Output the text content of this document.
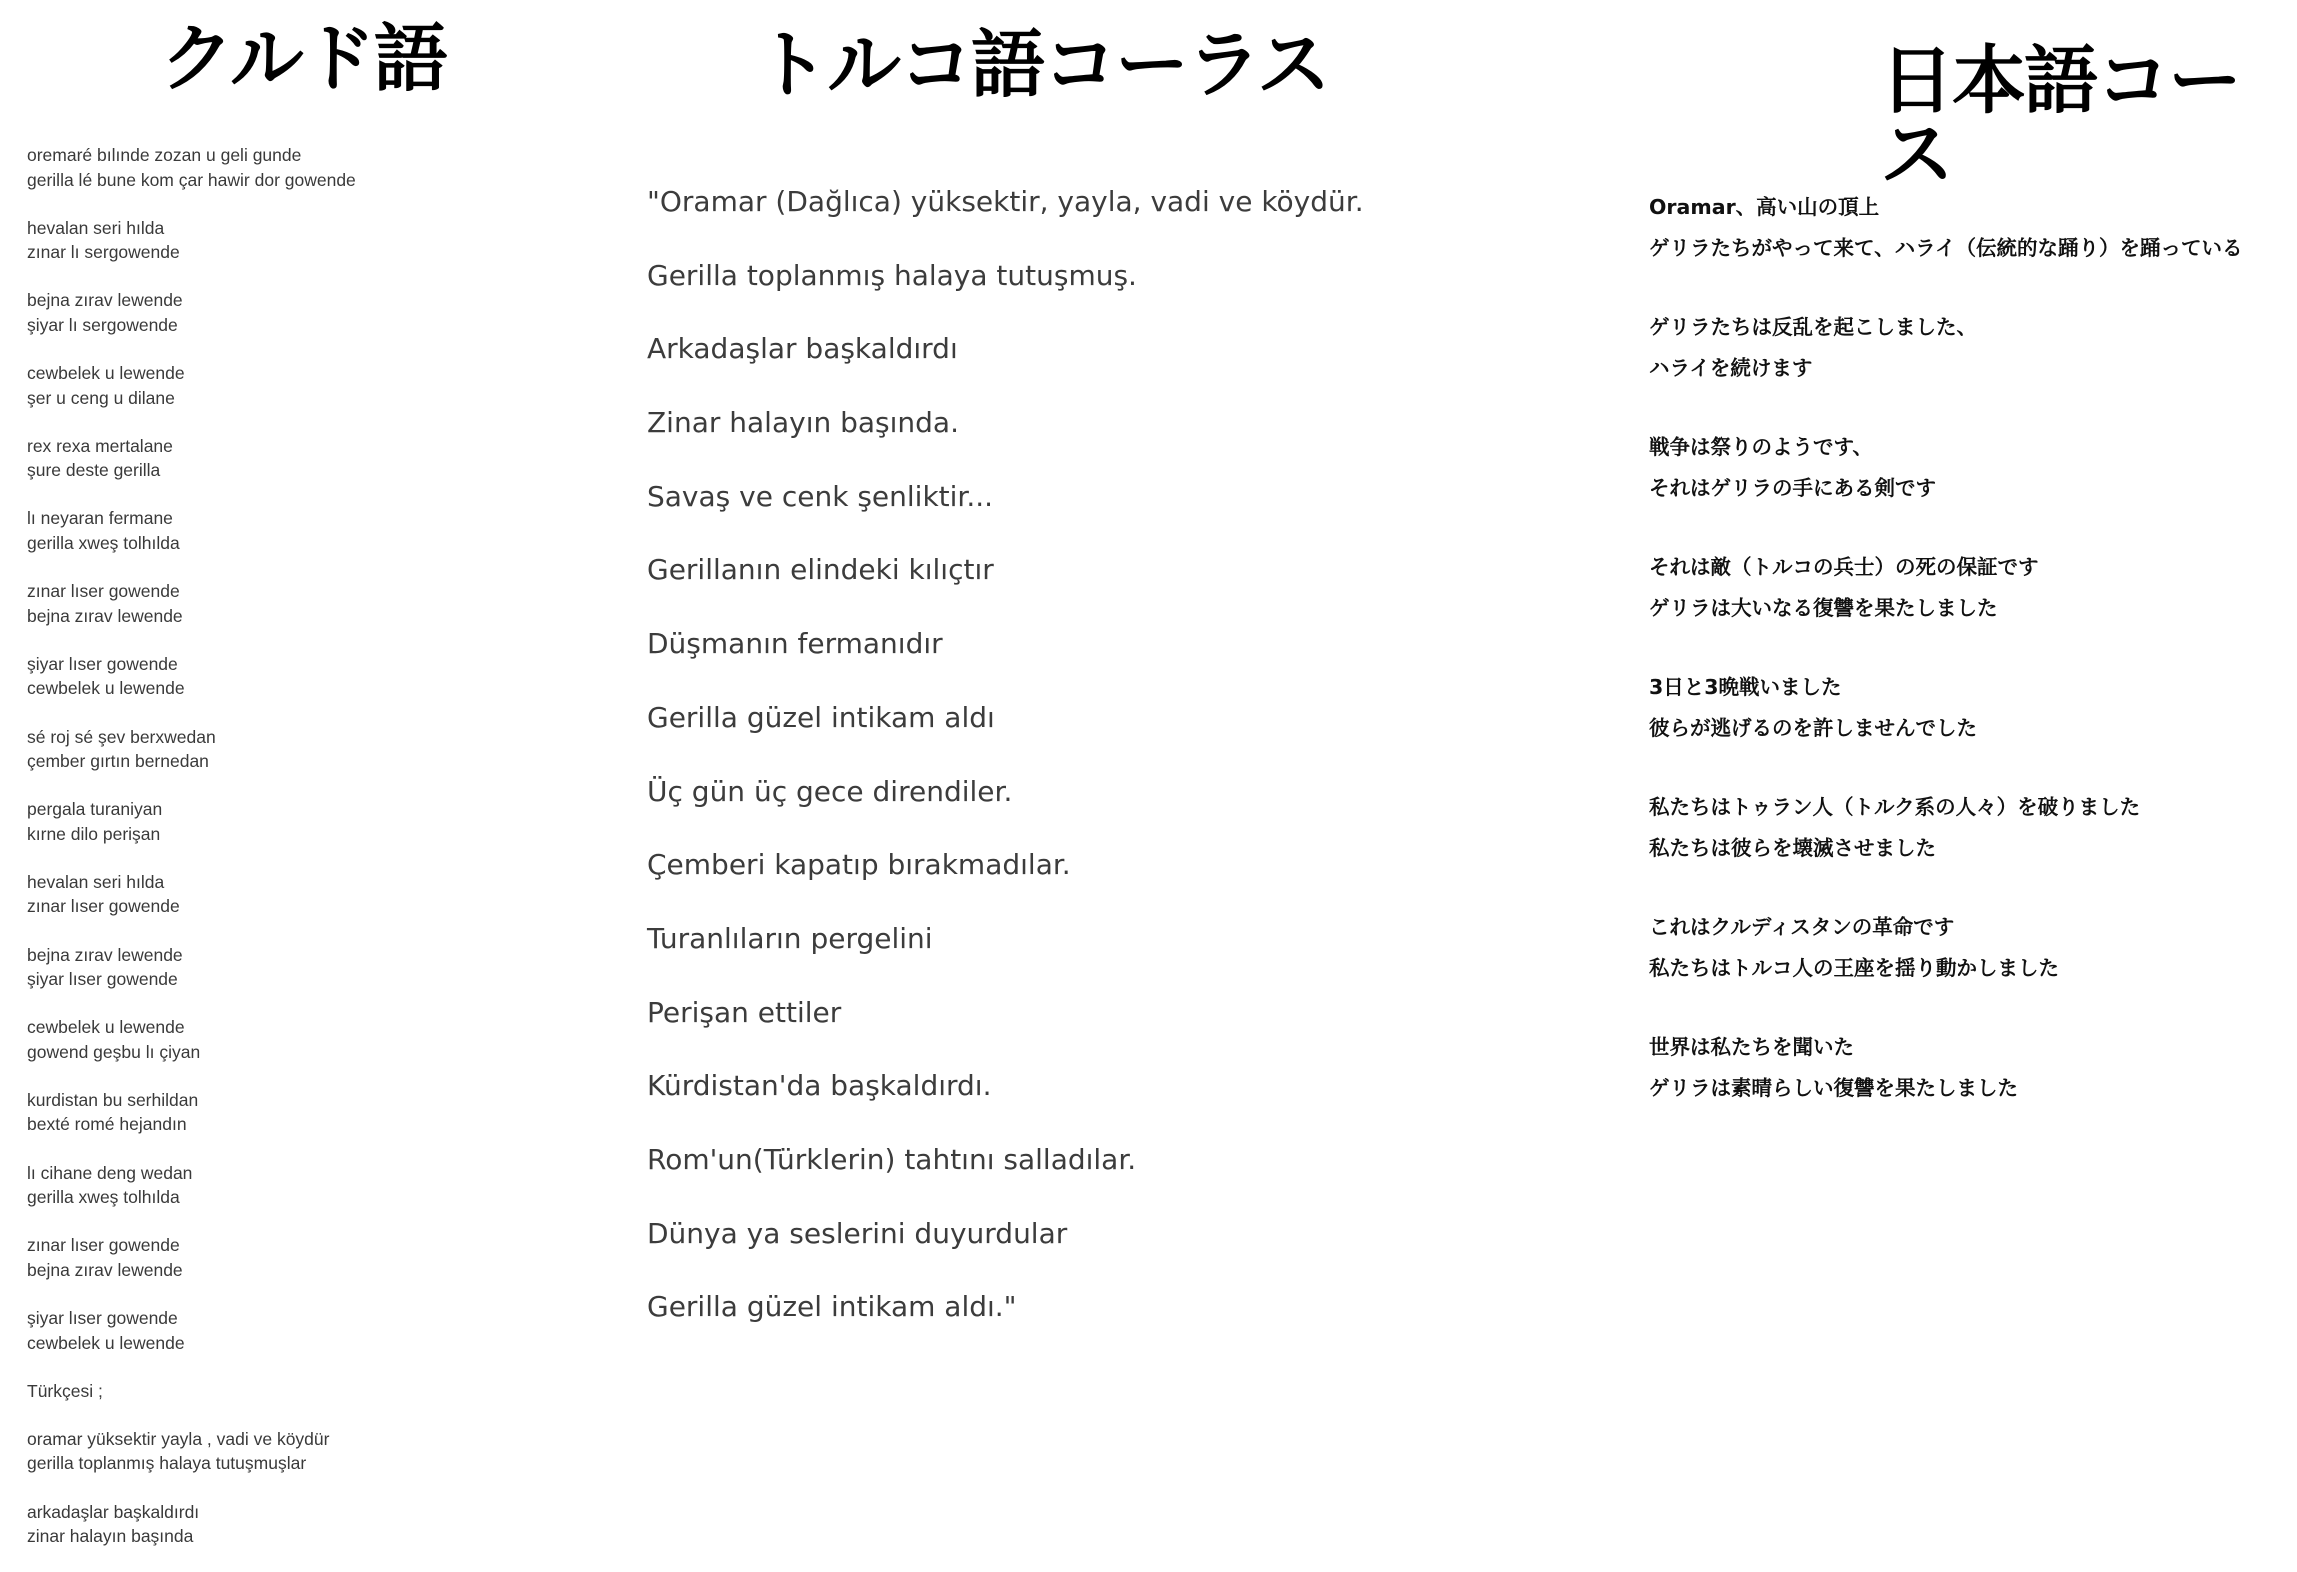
クルド語
oremaré bılınde zozan u geli gunde
gerilla lé bune kom çar hawir dor gowende
hevalan seri hılda
zınar lı sergowende
bejna zırav lewende
şiyar lı sergowende
cewbelek u lewende
şer u ceng u dilane
rex rexa mertalane
şure deste gerilla
lı neyaran fermane
gerilla xweş tolhılda
zınar lıser gowende
bejna zırav lewende
şiyar lıser gowende
cewbelek u lewende
sé roj sé şev berxwedan
çember gırtın bernedan
pergala turaniyan
kırne dilo perişan
hevalan seri hılda
zınar lıser gowende
bejna zırav lewende
şiyar lıser gowende
cewbelek u lewende
gowend geşbu lı çiyan
kurdistan bu serhildan
bexté romé hejandın
lı cihane deng wedan
gerilla xweş tolhılda
zınar lıser gowende
bejna zırav lewende
şiyar lıser gowende
cewbelek u lewende
Türkçesi ;
oramar yüksektir yayla , vadi ve köydür
gerilla toplanmış halaya tutuşmuşlar
arkadaşlar başkaldırdı
zinar halayın başında
トルコ語コーラス
"Oramar (Dağlıca) yüksektir, yayla, vadi ve köydür.
Gerilla toplanmış halaya tutuşmuş.
Arkadaşlar başkaldırdı
Zinar halayın başında.
Savaş ve cenk şenliktir...
Gerillanın elindeki kılıçtır
Düşmanın fermanıdır
Gerilla güzel intikam aldı
Üç gün üç gece direndiler.
Çemberi kapatıp bırakmadılar.
Turanlıların pergelini
Perişan ettiler
Kürdistan'da başkaldırdı.
Rom'un(Türklerin) tahtını salladılar.
Dünya ya seslerini duyurdular
Gerilla güzel intikam aldı."
日本語コース
Oramar、高い山の頂上
ゲリラたちがやって来て、ハライ（伝統的な踊り）を踊っている
ゲリラたちは反乱を起こしました、
ハライを続けます
戦争は祭りのようです、
それはゲリラの手にある剣です
それは敵（トルコの兵士）の死の保証です
ゲリラは大いなる復讐を果たしました
3日と3晩戦いました
彼らが逃げるのを許しませんでした
私たちはトゥラン人（トルク系の人々）を破りました
私たちは彼らを壊滅させました
これはクルディスタンの革命です
私たちはトルコ人の王座を揺り動かしました
世界は私たちを聞いた
ゲリラは素晴らしい復讐を果たしました
